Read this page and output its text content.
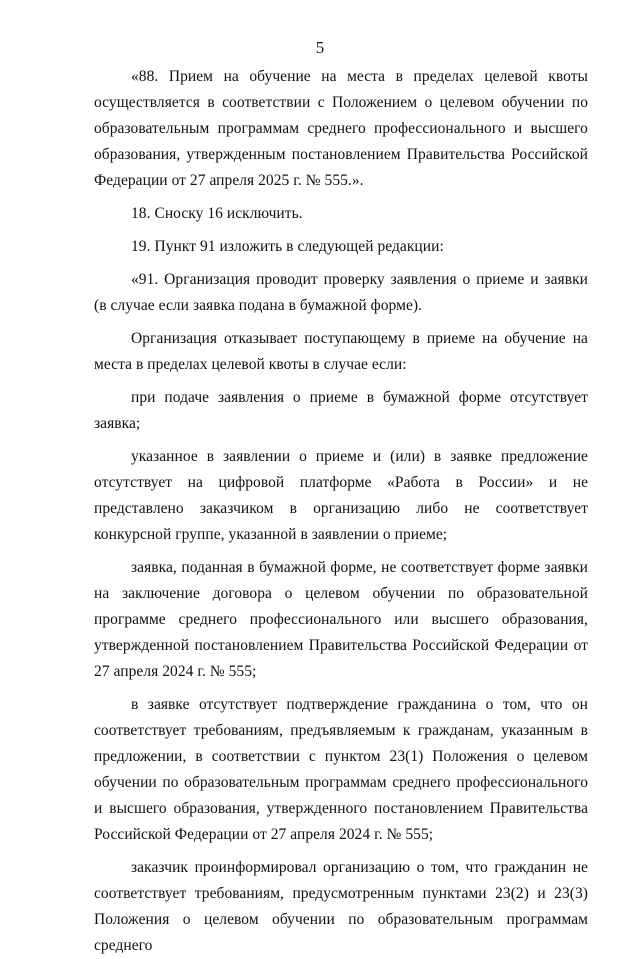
5

«88. Прием на обучение на места в пределах целевой квоты осуществляется в соответствии с Положением о целевом обучении по образовательным программам среднего профессионального и высшего образования, утвержденным постановлением Правительства Российской Федерации от 27 апреля 2025 г. № 555.».

18. Сноску 16 исключить.

19. Пункт 91 изложить в следующей редакции:

«91. Организация проводит проверку заявления о приеме и заявки (в случае если заявка подана в бумажной форме).

Организация отказывает поступающему в приеме на обучение на места в пределах целевой квоты в случае если:

при подаче заявления о приеме в бумажной форме отсутствует заявка;

указанное в заявлении о приеме и (или) в заявке предложение отсутствует на цифровой платформе «Работа в России» и не представлено заказчиком в организацию либо не соответствует конкурсной группе, указанной в заявлении о приеме;

заявка, поданная в бумажной форме, не соответствует форме заявки на заключение договора о целевом обучении по образовательной программе среднего профессионального или высшего образования, утвержденной постановлением Правительства Российской Федерации от 27 апреля 2024 г. № 555;

в заявке отсутствует подтверждение гражданина о том, что он соответствует требованиям, предъявляемым к гражданам, указанным в предложении, в соответствии с пунктом 23(1) Положения о целевом обучении по образовательным программам среднего профессионального и высшего образования, утвержденного постановлением Правительства Российской Федерации от 27 апреля 2024 г. № 555;

заказчик проинформировал организацию о том, что гражданин не соответствует требованиям, предусмотренным пунктами 23(2) и 23(3) Положения о целевом обучении по образовательным программам среднего
